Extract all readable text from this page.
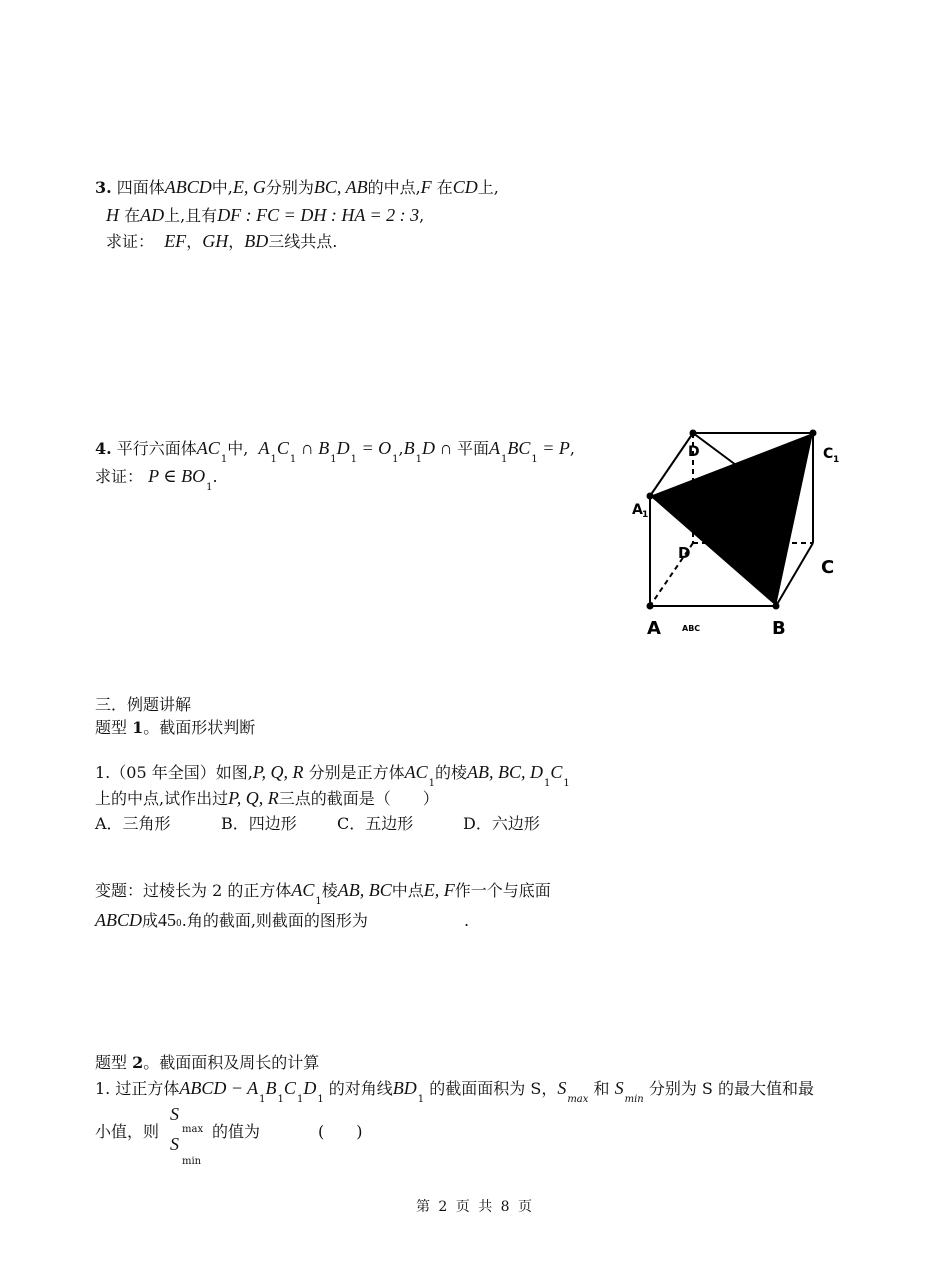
3. 四面体ABCD中,E, G分别为BC, AB的中点,F 在CD上,
H 在AD上,且有DF : FC = DH : HA = 2 : 3,
求证： EF，GH，BD三线共点.
4. 平行六面体$AC_1$中, $A_1C_1$ ∩ $B_1D_1 = O_1,B_1D$ ∩ 平面$A_1BC_1 = P$,
求证： P ∈ $BO_1$.
D	C 1
A 1
D
C
A	B
ABC
三．例题讲解
题型 1。截面形状判断
1.（05 年全国）如图,P, Q, R 分别是正方体$AC_1$的棱AB, BC, $D_1C_1$
上的中点,试作出过P, Q, R三点的截面是（　　）
A．三角形	B．四边形	C．五边形	D．六边形
变题：过棱长为 2 的正方体$AC_1$棱AB, BC中点E, F作一个与底面
ABCD成450.角的截面,则截面的图形为	.
题型 2。截面面积及周长的计算
1. 过正方体ABCD − $A_1B_1C_1D_1$ 的对角线$BD_1$ 的截面面积为 S，$S_{max}$ 和 $S_{min}$ 分别为 S 的最大值和最
小值，则
S
max
S
min
的值为	(　　)
第 2 页 共 8 页
